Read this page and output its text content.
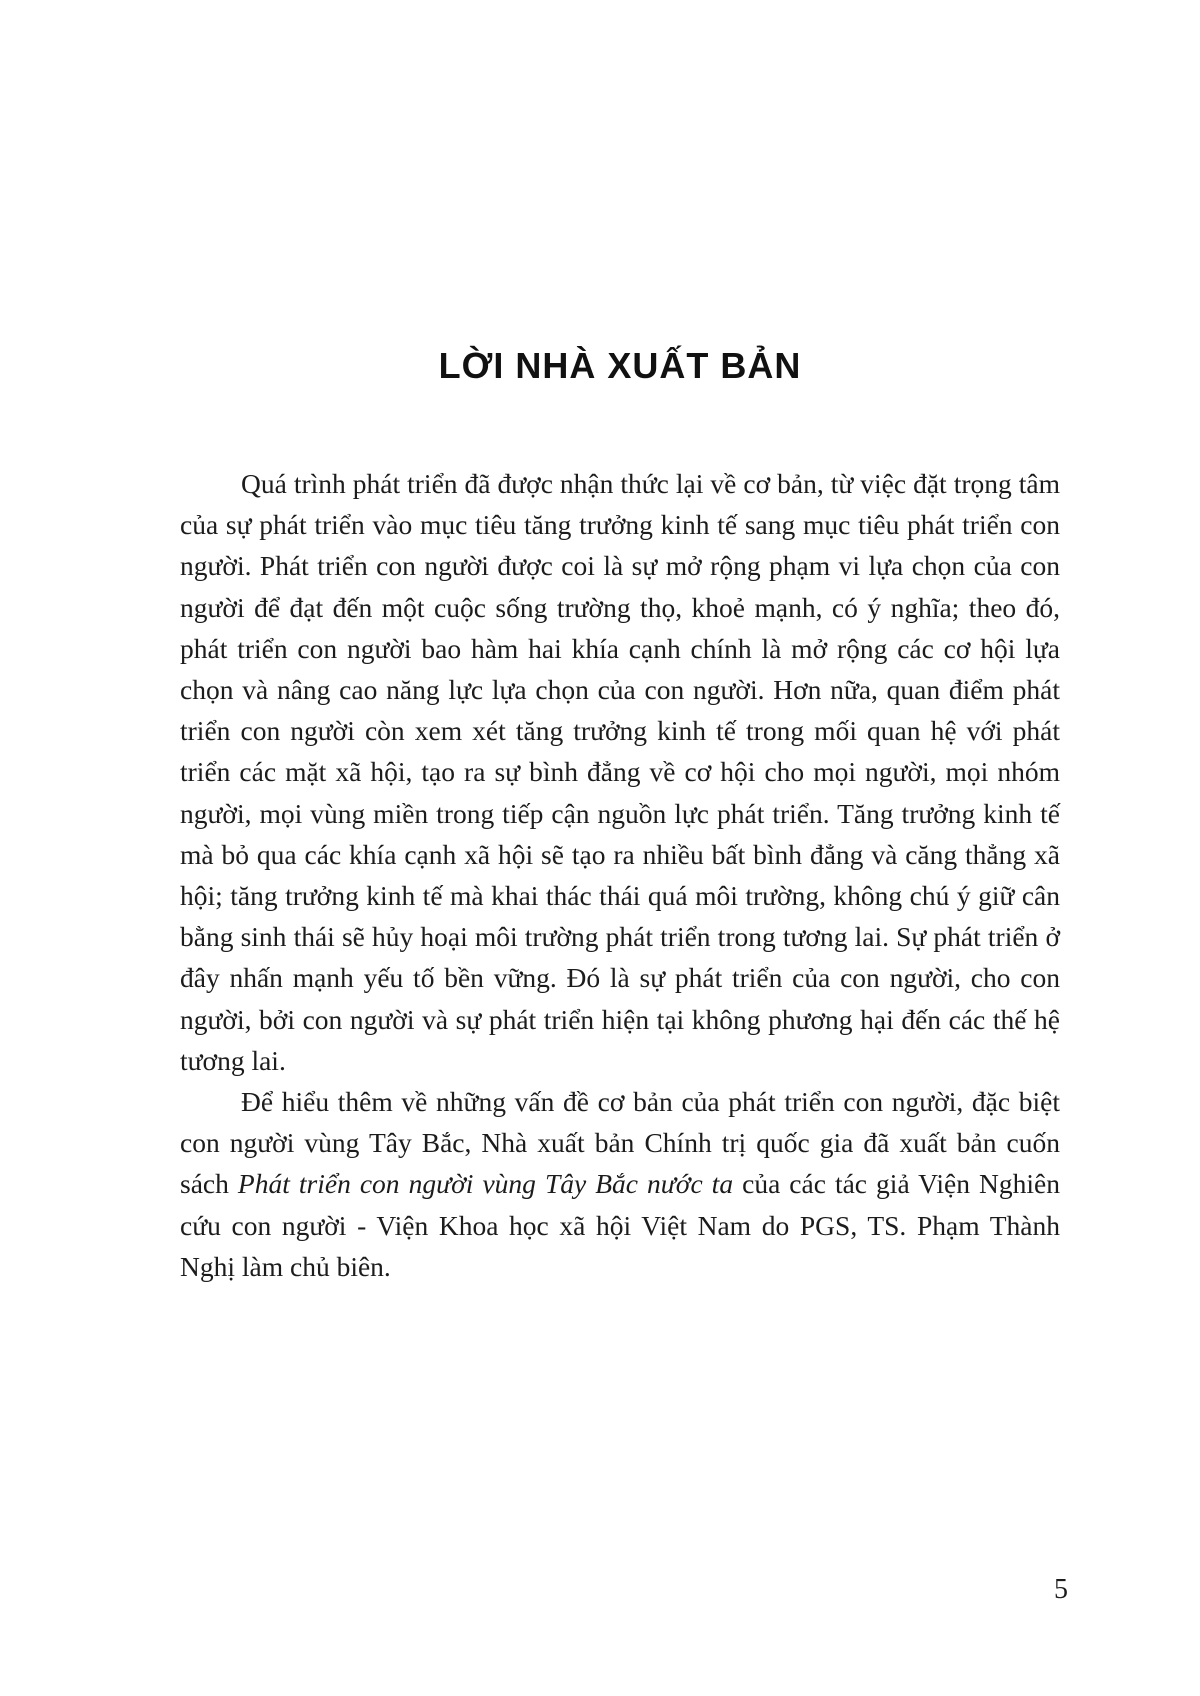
LỜI NHÀ XUẤT BẢN

Quá trình phát triển đã được nhận thức lại về cơ bản, từ việc đặt trọng tâm của sự phát triển vào mục tiêu tăng trưởng kinh tế sang mục tiêu phát triển con người. Phát triển con người được coi là sự mở rộng phạm vi lựa chọn của con người để đạt đến một cuộc sống trường thọ, khoẻ mạnh, có ý nghĩa; theo đó, phát triển con người bao hàm hai khía cạnh chính là mở rộng các cơ hội lựa chọn và nâng cao năng lực lựa chọn của con người. Hơn nữa, quan điểm phát triển con người còn xem xét tăng trưởng kinh tế trong mối quan hệ với phát triển các mặt xã hội, tạo ra sự bình đẳng về cơ hội cho mọi người, mọi nhóm người, mọi vùng miền trong tiếp cận nguồn lực phát triển. Tăng trưởng kinh tế mà bỏ qua các khía cạnh xã hội sẽ tạo ra nhiều bất bình đẳng và căng thẳng xã hội; tăng trưởng kinh tế mà khai thác thái quá môi trường, không chú ý giữ cân bằng sinh thái sẽ hủy hoại môi trường phát triển trong tương lai. Sự phát triển ở đây nhấn mạnh yếu tố bền vững. Đó là sự phát triển của con người, cho con người, bởi con người và sự phát triển hiện tại không phương hại đến các thế hệ tương lai.

Để hiểu thêm về những vấn đề cơ bản của phát triển con người, đặc biệt con người vùng Tây Bắc, Nhà xuất bản Chính trị quốc gia đã xuất bản cuốn sách Phát triển con người vùng Tây Bắc nước ta của các tác giả Viện Nghiên cứu con người - Viện Khoa học xã hội Việt Nam do PGS, TS. Phạm Thành Nghị làm chủ biên.

5
